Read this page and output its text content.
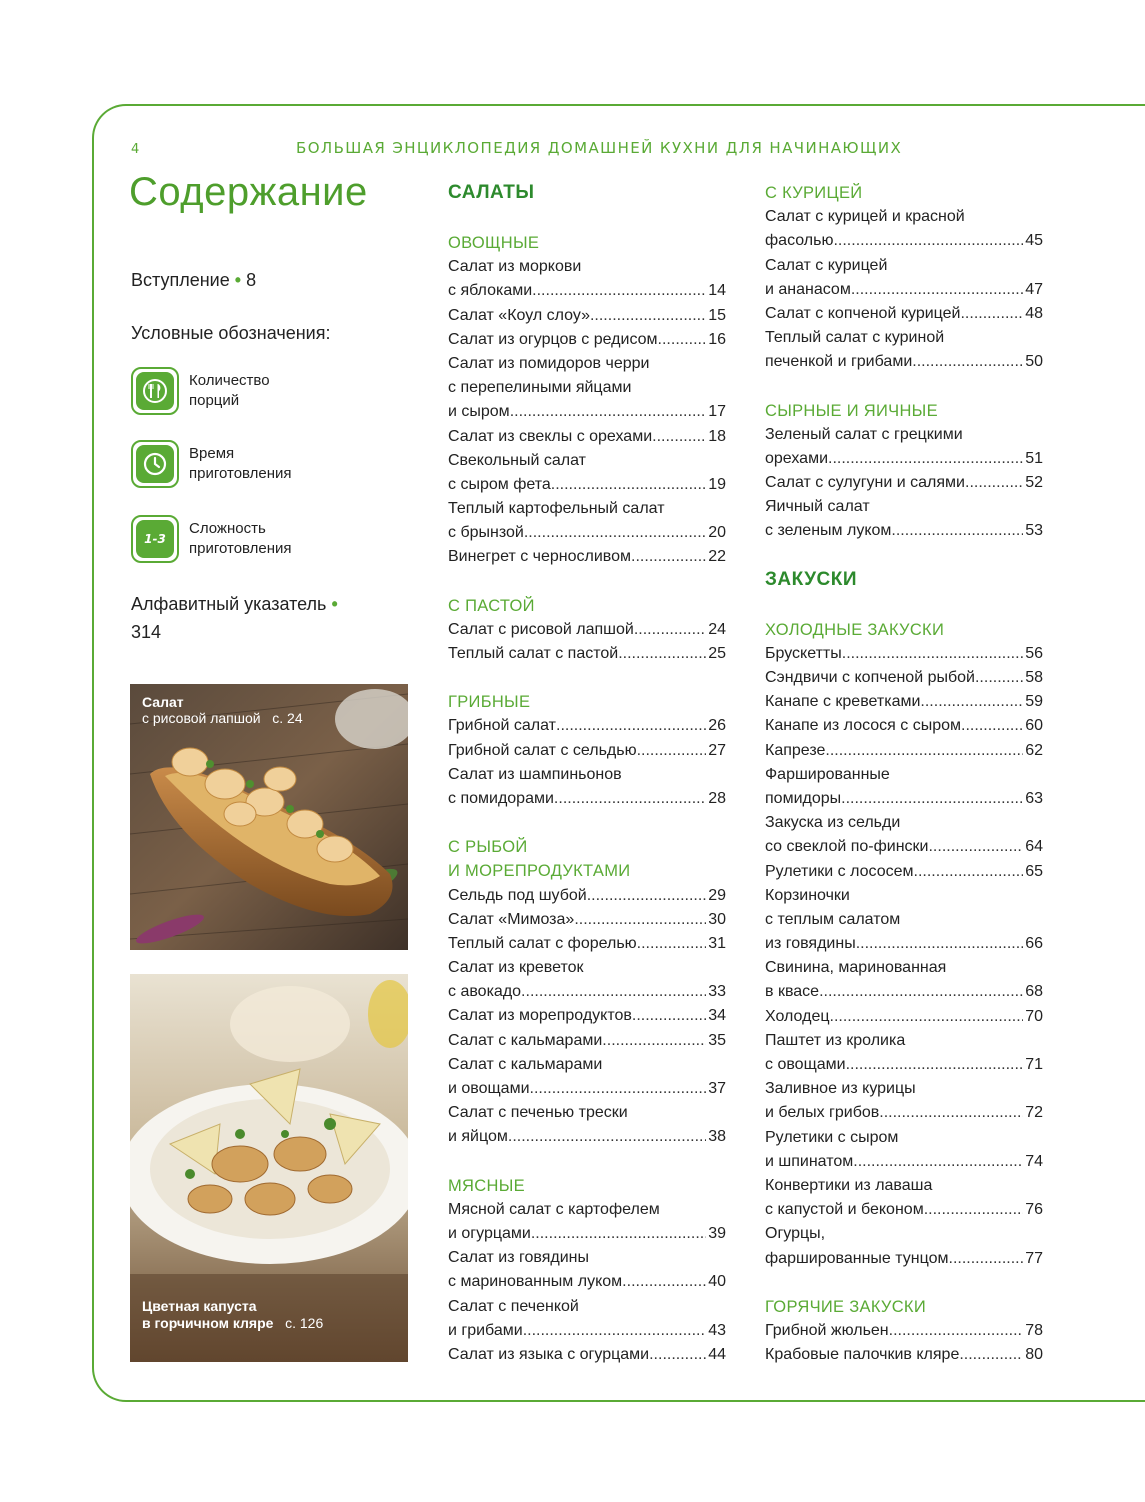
4	БОЛЬШАЯ ЭНЦИКЛОПЕДИЯ ДОМАШНЕЙ КУХНИ ДЛЯ НАЧИНАЮЩИХ
Содержание
Вступление • 8
Условные обозначения:
Количество
порций
Время
приготовления
1-3
Сложность
приготовления
Алфавитный указатель •
314
Салат
с рисовой лапшой с. 24
Цветная капуста
в горчичном кляре с. 126
САЛАТЫ
ОВОЩНЫЕ
Салат из моркови
с яблоками .....	14
Салат «Коул слоу» .....	15
Салат из огурцов с редисом .....	16
Салат из помидоров черри
с перепелиными яйцами
и сыром .....	17
Салат из свеклы с орехами .....	18
Свекольный салат
с сыром фета .....	19
Теплый картофельный салат
с брынзой .....	20
Винегрет с черносливом .....	22
С ПАСТОЙ
Салат с рисовой лапшой .....	24
Теплый салат с пастой .....	25
ГРИБНЫЕ
Грибной салат .....	26
Грибной салат с сельдью .....	27
Салат из шампиньонов
с помидорами .....	28
С РЫБОЙ
И МОРЕПРОДУКТАМИ
Сельдь под шубой .....	29
Салат «Мимоза» .....	30
Теплый салат с форелью .....	31
Салат из креветок
с авокадо .....	33
Салат из морепродуктов .....	34
Салат с кальмарами .....	35
Салат с кальмарами
и овощами .....	37
Салат с печенью трески
и яйцом .....	38
МЯСНЫЕ
Мясной салат с картофелем
и огурцами .....	39
Салат из говядины
с маринованным луком .....	40
Салат с печенкой
и грибами .....	43
Салат из языка с огурцами .....	44
С КУРИЦЕЙ
Салат с курицей и красной
фасолью .....	45
Салат с курицей
и ананасом .....	47
Салат с копченой курицей .....	48
Теплый салат с куриной
печенкой и грибами .....	50
СЫРНЫЕ И ЯИЧНЫЕ
Зеленый салат с грецкими
орехами .....	51
Салат с сулугуни и салями .....	52
Яичный салат
с зеленым луком .....	53
ЗАКУСКИ
ХОЛОДНЫЕ ЗАКУСКИ
Брускетты .....	56
Сэндвичи с копченой рыбой .....	58
Канапе с креветками .....	59
Канапе из лосося с сыром .....	60
Капрезе .....	62
Фаршированные
помидоры .....	63
Закуска из сельди
со свеклой по-фински .....	64
Рулетики с лососем .....	65
Корзиночки
с теплым салатом
из говядины .....	66
Свинина, маринованная
в квасе .....	68
Холодец .....	70
Паштет из кролика
с овощами .....	71
Заливное из курицы
и белых грибов .....	72
Рулетики с сыром
и шпинатом .....	74
Конвертики из лаваша
с капустой и беконом .....	76
Огурцы,
фаршированные тунцом .....	77
ГОРЯЧИЕ ЗАКУСКИ
Грибной жюльен .....	78
Крабовые палочкив кляре .....	80
